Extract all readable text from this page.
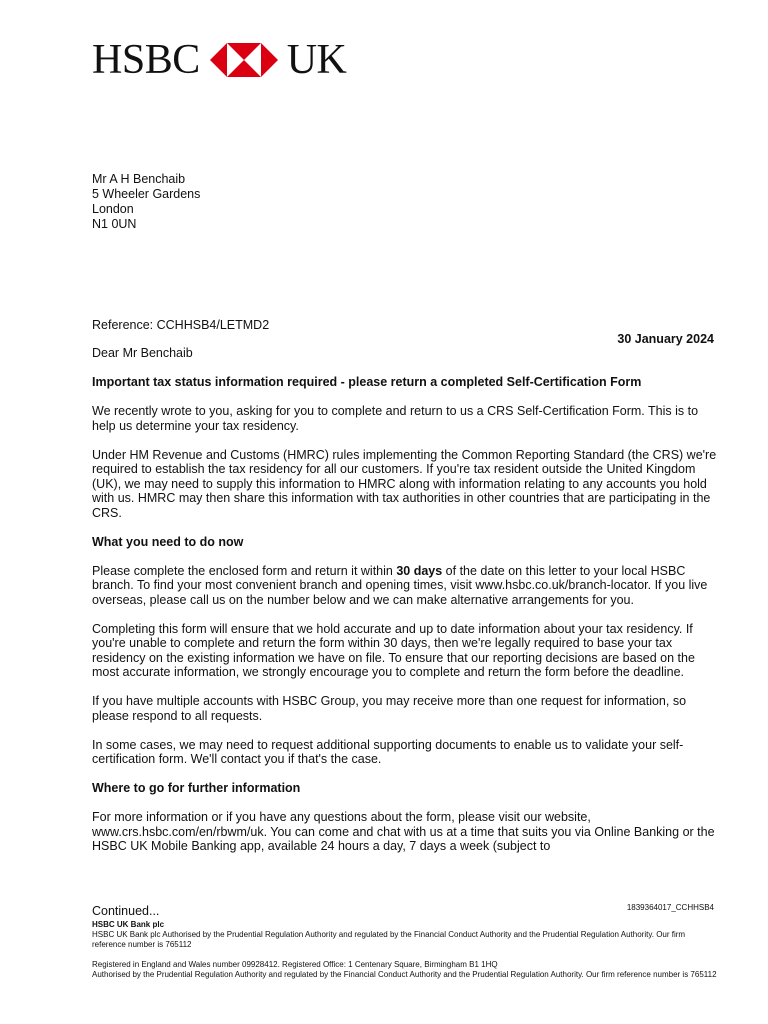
HSBC UK
Mr A H Benchaib
5 Wheeler Gardens
London
N1 0UN
Reference: CCHHSB4/LETMD2
30 January 2024
Dear Mr Benchaib
Important tax status information required - please return a completed Self-Certification Form

We recently wrote to you, asking for you to complete and return to us a CRS Self-Certification Form. This is to help us determine your tax residency.

Under HM Revenue and Customs (HMRC) rules implementing the Common Reporting Standard (the CRS) we're required to establish the tax residency for all our customers. If you're tax resident outside the United Kingdom (UK), we may need to supply this information to HMRC along with information relating to any accounts you hold with us. HMRC may then share this information with tax authorities in other countries that are participating in the CRS.

What you need to do now

Please complete the enclosed form and return it within 30 days of the date on this letter to your local HSBC branch. To find your most convenient branch and opening times, visit www.hsbc.co.uk/branch-locator. If you live overseas, please call us on the number below and we can make alternative arrangements for you.

Completing this form will ensure that we hold accurate and up to date information about your tax residency. If you're unable to complete and return the form within 30 days, then we're legally required to base your tax residency on the existing information we have on file. To ensure that our reporting decisions are based on the most accurate information, we strongly encourage you to complete and return the form before the deadline.

If you have multiple accounts with HSBC Group, you may receive more than one request for information, so please respond to all requests.

In some cases, we may need to request additional supporting documents to enable us to validate your self-certification form. We'll contact you if that's the case.

Where to go for further information

For more information or if you have any questions about the form, please visit our website, www.crs.hsbc.com/en/rbwm/uk. You can come and chat with us at a time that suits you via Online Banking or the HSBC UK Mobile Banking app, available 24 hours a day, 7 days a week (subject to

Continued...	1839364017_CCHHSB4

HSBC UK Bank plc

HSBC UK Bank plc Authorised by the Prudential Regulation Authority and regulated by the Financial Conduct Authority and the Prudential Regulation Authority. Our firm reference number is 765112

Registered in England and Wales number 09928412. Registered Office: 1 Centenary Square, Birmingham B1 1HQ

Authorised by the Prudential Regulation Authority and regulated by the Financial Conduct Authority and the Prudential Regulation Authority. Our firm reference number is 765112
